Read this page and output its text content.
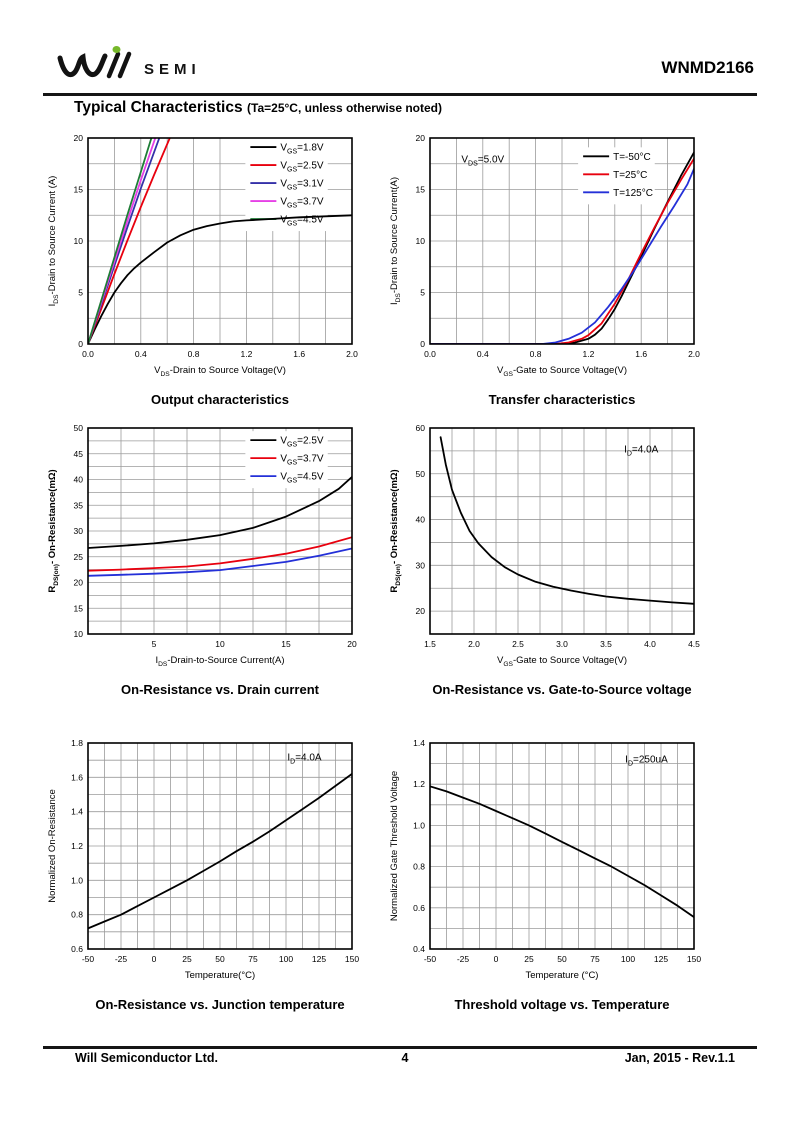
SEMI	WNMD2166
Typical Characteristics (Ta=25°C, unless otherwise noted)
$V_{GS}=1.8V$
$V_{GS}=2.5V$
$V_{GS}=3.1V$
$V_{GS}=3.7V$
$V_{GS}=4.5V$
0.0	0.4	0.8	1.2	1.6	2.0
0
5
10
15
20
$V_{DS}$-Drain to Source Voltage(V)
$I_{DS}$-Drain to Source Current (A)
Output characteristics
T=-50°C
T=25°C
T=125°C
$V_{DS}=5.0V$
0.0	0.4	0.8	1.2	1.6	2.0
0
5
10
15
20
$V_{GS}$-Gate to Source Voltage(V)
$I_{DS}$-Drain to Source Current(A)
Transfer characteristics
$V_{GS}=2.5V$
$V_{GS}=3.7V$
$V_{GS}=4.5V$
5	10	15	20
10
15
20
25
30
35
40
45
50
$I_{DS}-Drain-to$-Source Current(A)
$R_{DS(on)}-$ On-Resistance(mΩ)
On-Resistance vs. Drain current
$I_D=4.0A$
1.5	2.0	2.5	3.0	3.5	4.0	4.5
20
30
40
50
60
$V_{GS}$-Gate to Source Voltage(V)
$R_{DS(on)}-$ On-Resistance(mΩ)
On-Resistance vs. Gate-to-Source voltage
$I_D=4.0A$
-50 -25	0	25	50	75 100 125 150
0.6
0.8
1.0
1.2
1.4
1.6
1.8
Temperature(°C)
Normalized On-Resistance
On-Resistance vs. Junction temperature
$I_D=250uA$
-50 -25	0	25	50	75 100 125 150
0.4
0.6
0.8
1.0
1.2
1.4
Temperature (°C)
Normalized Gate Threshold Voltage
Threshold voltage vs. Temperature
Will Semiconductor Ltd.	4	Jan, 2015 - Rev.1.1
